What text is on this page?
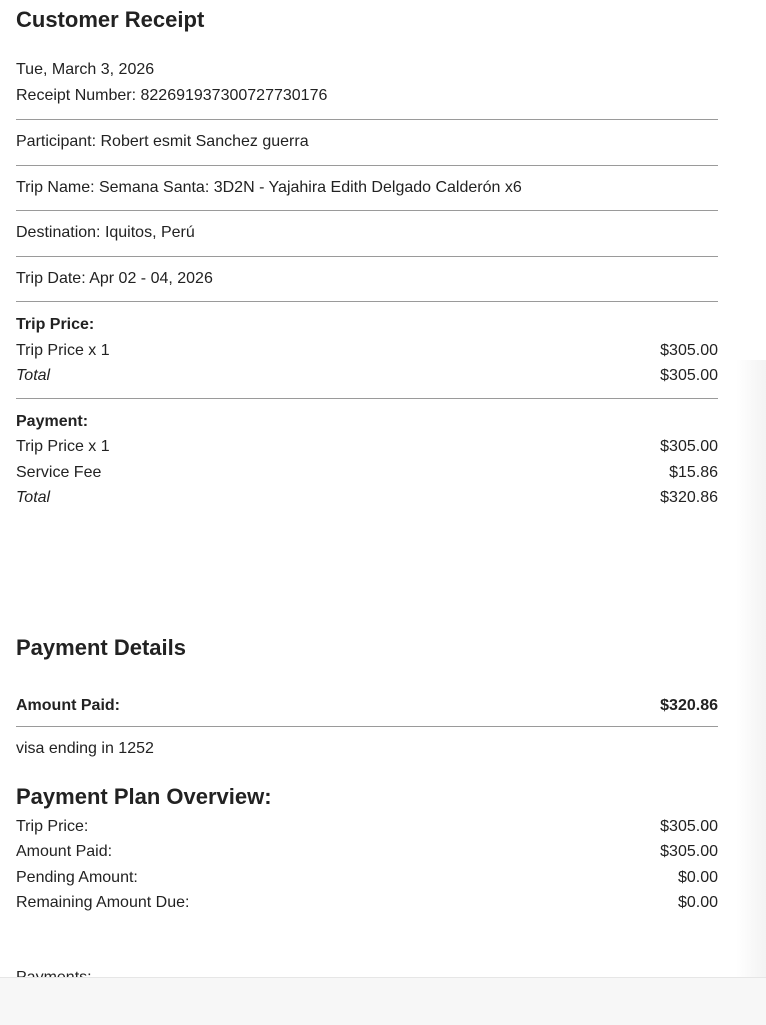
Customer Receipt
Tue, March 3, 2026
Receipt Number: 822691937300727730176
Participant: Robert esmit Sanchez guerra
Trip Name: Semana Santa: 3D2N - Yajahira Edith Delgado Calderón x6
Destination: Iquitos, Perú
Trip Date: Apr 02 - 04, 2026
Trip Price:
Trip Price x 1	$305.00
Total	$305.00
Payment:
Trip Price x 1	$305.00
Service Fee	$15.86
Total	$320.86
Payment Details
Amount Paid:	$320.86
visa ending in 1252
Payment Plan Overview:
Trip Price:	$305.00
Amount Paid:	$305.00
Pending Amount:	$0.00
Remaining Amount Due:	$0.00
